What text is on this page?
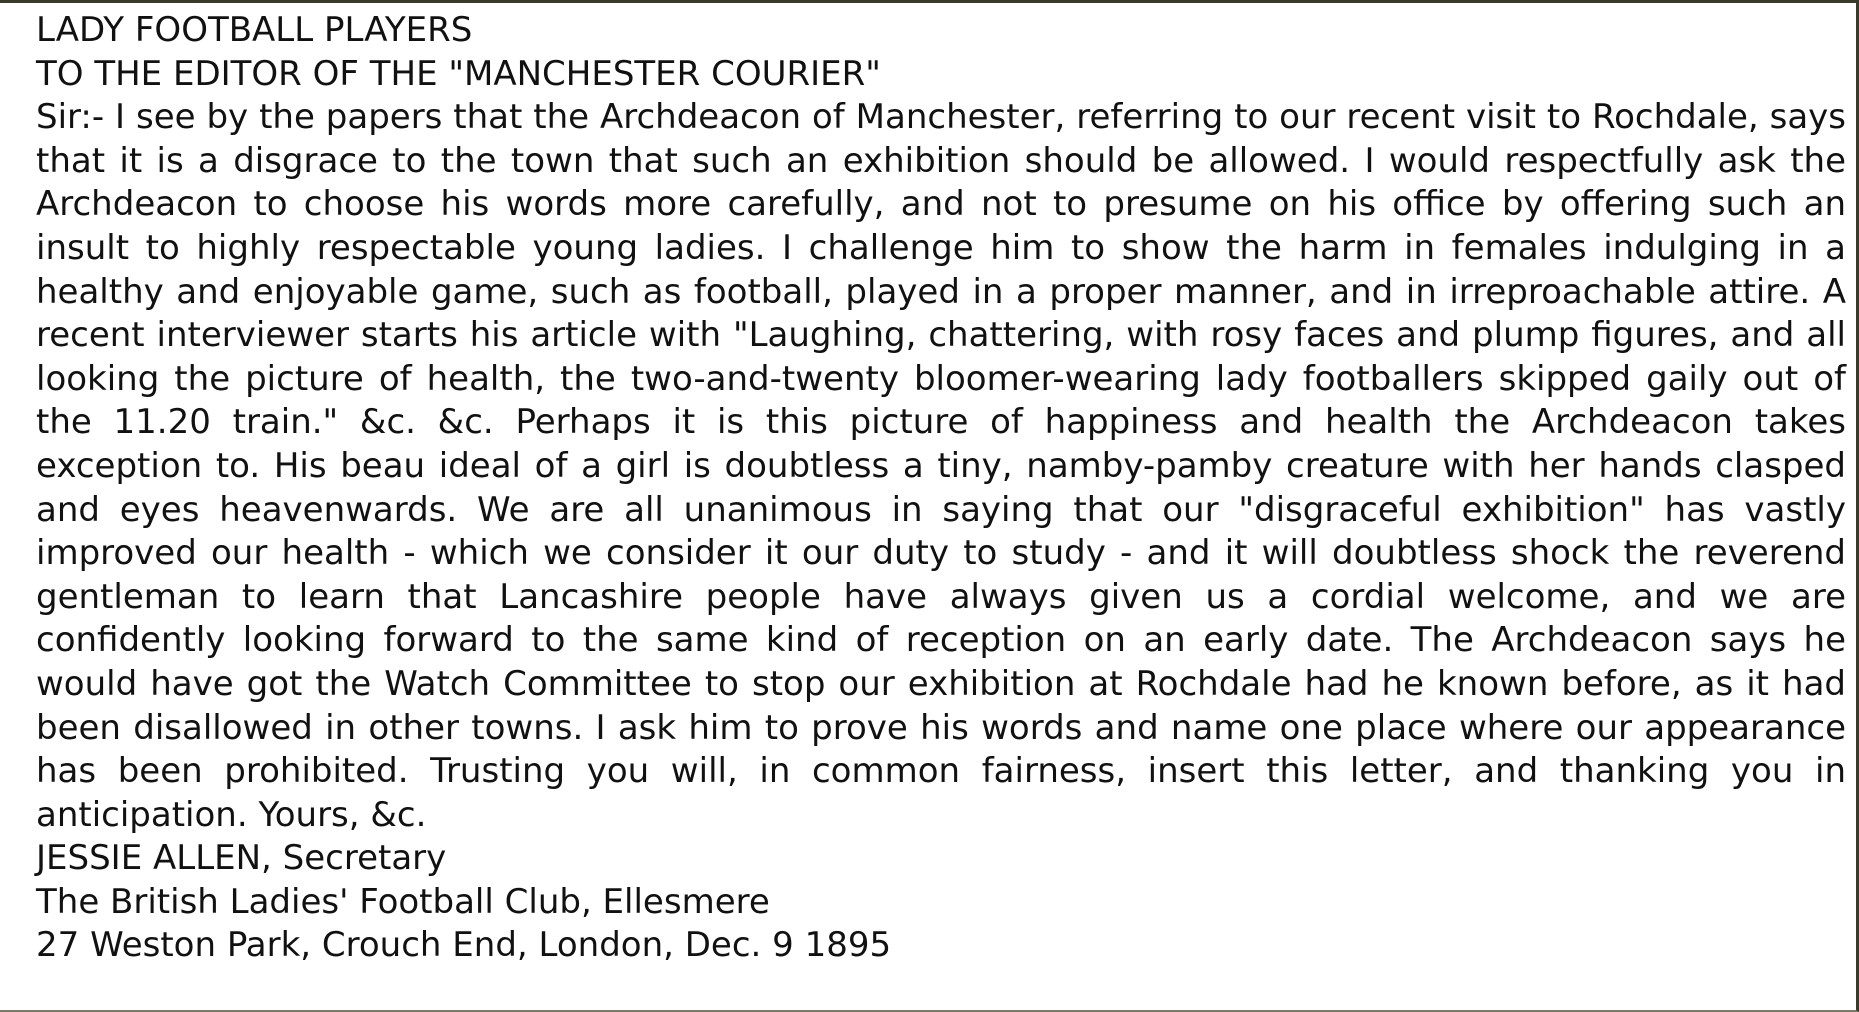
LADY FOOTBALL PLAYERS
TO THE EDITOR OF THE "MANCHESTER COURIER"
Sir:- I see by the papers that the Archdeacon of Manchester, referring to our recent visit to Rochdale, says that it is a disgrace to the town that such an exhibition should be allowed. I would respectfully ask the Archdeacon to choose his words more carefully, and not to presume on his office by offering such an insult to highly respectable young ladies. I challenge him to show the harm in females indulging in a healthy and enjoyable game, such as football, played in a proper manner, and in irreproachable attire. A recent interviewer starts his article with "Laughing, chattering, with rosy faces and plump figures, and all looking the picture of health, the two-and-twenty bloomer-wearing lady footballers skipped gaily out of the 11.20 train." &c. &c. Perhaps it is this picture of happiness and health the Archdeacon takes exception to. His beau ideal of a girl is doubtless a tiny, namby-pamby creature with her hands clasped and eyes heavenwards. We are all unanimous in saying that our "disgraceful exhibition" has vastly improved our health - which we consider it our duty to study - and it will doubtless shock the reverend gentleman to learn that Lancashire people have always given us a cordial welcome, and we are confidently looking forward to the same kind of reception on an early date. The Archdeacon says he would have got the Watch Committee to stop our exhibition at Rochdale had he known before, as it had been disallowed in other towns. I ask him to prove his words and name one place where our appearance has been prohibited. Trusting you will, in common fairness, insert this letter, and thanking you in anticipation. Yours, &c.
JESSIE ALLEN, Secretary
The British Ladies' Football Club, Ellesmere
27 Weston Park, Crouch End, London, Dec. 9 1895
